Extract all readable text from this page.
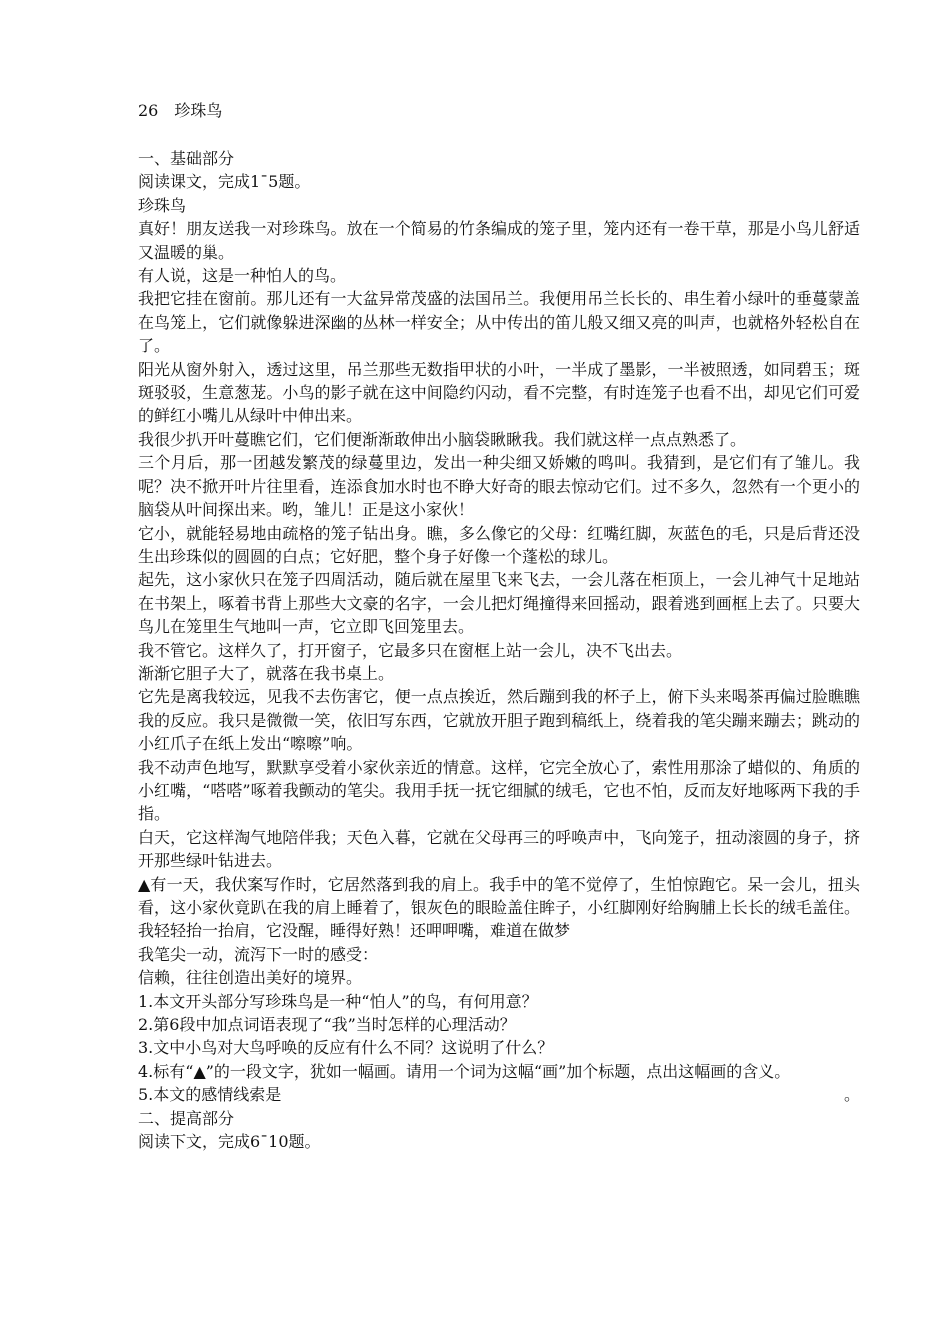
26　珍珠鸟
一、基础部分
阅读课文，完成1¯5题。
珍珠鸟
真好！朋友送我一对珍珠鸟。放在一个简易的竹条编成的笼子里，笼内还有一卷干草，那是小鸟儿舒适又温暖的巢。
有人说，这是一种怕人的鸟。
我把它挂在窗前。那儿还有一大盆异常茂盛的法国吊兰。我便用吊兰长长的、串生着小绿叶的垂蔓蒙盖在鸟笼上，它们就像躲进深幽的丛林一样安全；从中传出的笛儿般又细又亮的叫声，也就格外轻松自在了。
阳光从窗外射入，透过这里，吊兰那些无数指甲状的小叶，一半成了墨影，一半被照透，如同碧玉；斑斑驳驳，生意葱茏。小鸟的影子就在这中间隐约闪动，看不完整，有时连笼子也看不出，却见它们可爱的鲜红小嘴儿从绿叶中伸出来。
我很少扒开叶蔓瞧它们，它们便渐渐敢伸出小脑袋瞅瞅我。我们就这样一点点熟悉了。
三个月后，那一团越发繁茂的绿蔓里边，发出一种尖细又娇嫩的鸣叫。我猜到，是它们有了雏儿。我呢？决不掀开叶片往里看，连添食加水时也不睁大好奇的眼去惊动它们。过不多久，忽然有一个更小的脑袋从叶间探出来。哟，雏儿！正是这小家伙！
它小，就能轻易地由疏格的笼子钻出身。瞧，多么像它的父母：红嘴红脚，灰蓝色的毛，只是后背还没生出珍珠似的圆圆的白点；它好肥，整个身子好像一个蓬松的球儿。
起先，这小家伙只在笼子四周活动，随后就在屋里飞来飞去，一会儿落在柜顶上，一会儿神气十足地站在书架上，啄着书背上那些大文豪的名字，一会儿把灯绳撞得来回摇动，跟着逃到画框上去了。只要大鸟儿在笼里生气地叫一声，它立即飞回笼里去。
我不管它。这样久了，打开窗子，它最多只在窗框上站一会儿，决不飞出去。
渐渐它胆子大了，就落在我书桌上。
它先是离我较远，见我不去伤害它，便一点点挨近，然后蹦到我的杯子上，俯下头来喝茶再偏过脸瞧瞧我的反应。我只是微微一笑，依旧写东西，它就放开胆子跑到稿纸上，绕着我的笔尖蹦来蹦去；跳动的小红爪子在纸上发出“嚓嚓”响。
我不动声色地写，默默享受着小家伙亲近的情意。这样，它完全放心了，索性用那涂了蜡似的、角质的小红嘴，“嗒嗒”啄着我颤动的笔尖。我用手抚一抚它细腻的绒毛，它也不怕，反而友好地啄两下我的手指。
白天，它这样淘气地陪伴我；天色入暮，它就在父母再三的呼唤声中，飞向笼子，扭动滚圆的身子，挤开那些绿叶钻进去。
▲有一天，我伏案写作时，它居然落到我的肩上。我手中的笔不觉停了，生怕惊跑它。呆一会儿，扭头看，这小家伙竟趴在我的肩上睡着了，银灰色的眼睑盖住眸子，小红脚刚好给胸脯上长长的绒毛盖住。我轻轻抬一抬肩，它没醒，睡得好熟！还呷呷嘴，难道在做梦
我笔尖一动，流泻下一时的感受：
信赖，往往创造出美好的境界。
1.本文开头部分写珍珠鸟是一种“怕人”的鸟，有何用意？
2.第6段中加点词语表现了“我”当时怎样的心理活动？
3.文中小鸟对大鸟呼唤的反应有什么不同？这说明了什么？
4.标有“▲”的一段文字，犹如一幅画。请用一个词为这幅“画”加个标题，点出这幅画的含义。
5.本文的感情线索是	。
二、提高部分
阅读下文，完成6¯10题。
